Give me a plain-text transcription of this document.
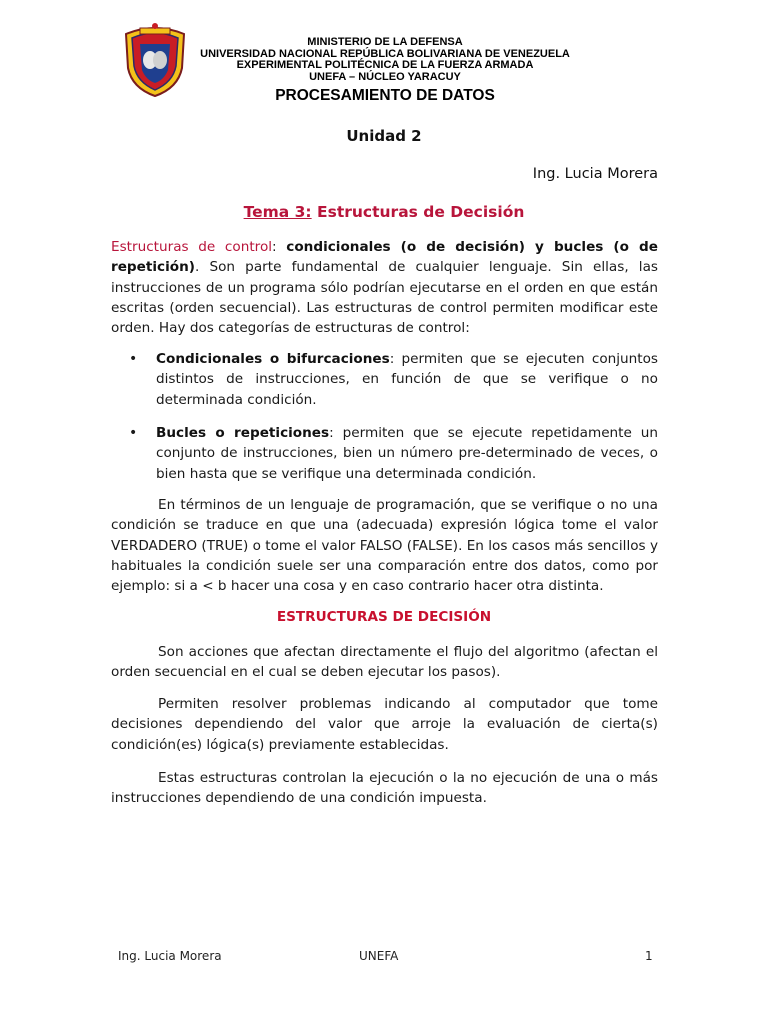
MINISTERIO DE LA DEFENSA
UNIVERSIDAD NACIONAL REPÚBLICA BOLIVARIANA DE VENEZUELA
EXPERIMENTAL POLITÉCNICA DE LA FUERZA ARMADA
UNEFA – NÚCLEO YARACUY
PROCESAMIENTO DE DATOS
Unidad 2
Ing. Lucia Morera
Tema 3: Estructuras de Decisión
Estructuras de control: condicionales (o de decisión) y bucles (o de repetición). Son parte fundamental de cualquier lenguaje. Sin ellas, las instrucciones de un programa sólo podrían ejecutarse en el orden en que están escritas (orden secuencial). Las estructuras de control permiten modificar este orden. Hay dos categorías de estructuras de control:
• Condicionales o bifurcaciones: permiten que se ejecuten conjuntos distintos de instrucciones, en función de que se verifique o no determinada condición.
• Bucles o repeticiones: permiten que se ejecute repetidamente un conjunto de instrucciones, bien un número pre-determinado de veces, o bien hasta que se verifique una determinada condición.
En términos de un lenguaje de programación, que se verifique o no una condición se traduce en que una (adecuada) expresión lógica tome el valor VERDADERO (TRUE) o tome el valor FALSO (FALSE). En los casos más sencillos y habituales la condición suele ser una comparación entre dos datos, como por ejemplo: si a < b hacer una cosa y en caso contrario hacer otra distinta.
ESTRUCTURAS DE DECISIÓN
Son acciones que afectan directamente el flujo del algoritmo (afectan el orden secuencial en el cual se deben ejecutar los pasos).
Permiten resolver problemas indicando al computador que tome decisiones dependiendo del valor que arroje la evaluación de cierta(s) condición(es) lógica(s) previamente establecidas.
Estas estructuras controlan la ejecución o la no ejecución de una o más instrucciones dependiendo de una condición impuesta.
Ing. Lucia Morera	UNEFA	1
